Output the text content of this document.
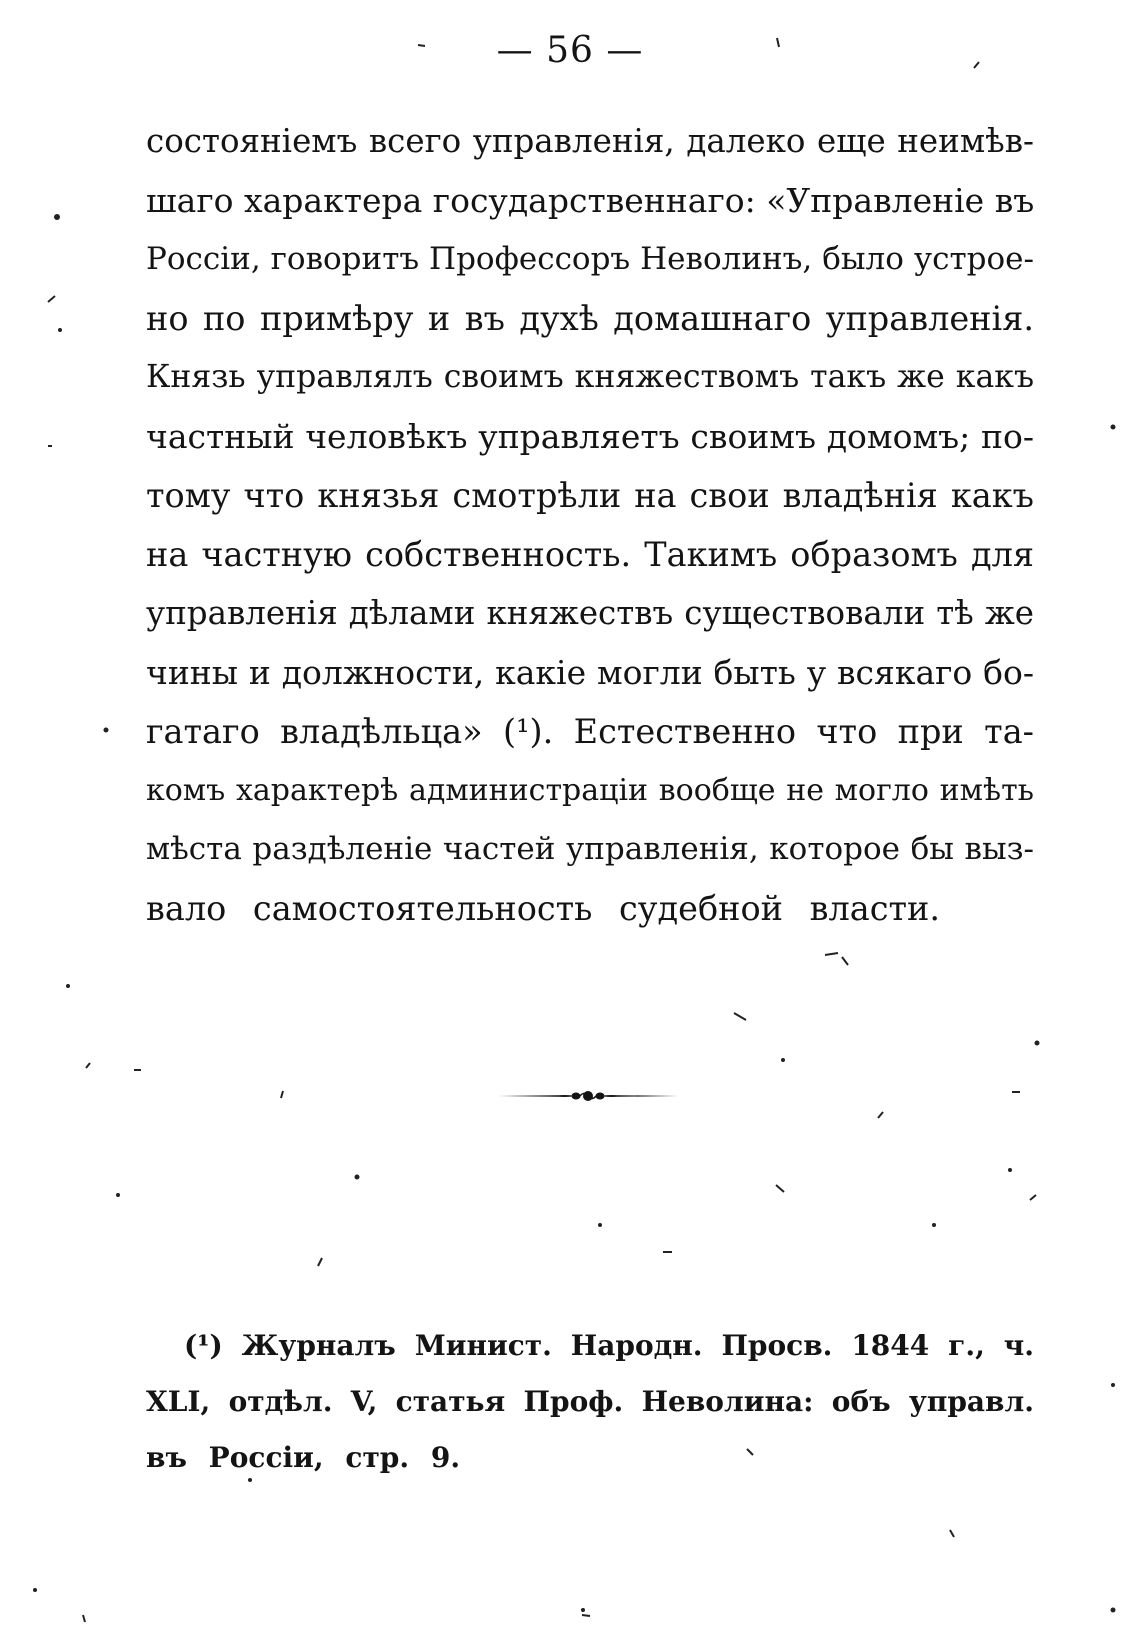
— 56 —
состояніемъ всего управленія, далеко еще неимѣв-
шаго характера государственнаго: «Управленіе въ
Россіи, говоритъ Профессоръ Неволинъ, было устрое-
но по примѣру и въ духѣ домашнаго управленія.
Князь управлялъ своимъ княжествомъ такъ же какъ
частный человѣкъ управляетъ своимъ домомъ; по-
тому что князья смотрѣли на свои владѣнія какъ
на частную собственность. Такимъ образомъ для
управленія дѣлами княжествъ существовали тѣ же
чины и должности, какіе могли быть у всякаго бо-
гатаго владѣльца» (¹). Естественно что при та-
комъ характерѣ администраціи вообще не могло имѣть
мѣста раздѣленіе частей управленія, которое бы выз-
вало самостоятельность судебной власти.
(¹) Журналъ Минист. Народн. Просв. 1844 г., ч.
XLI, отдѣл. V, статья Проф. Неволина: объ управл.
въ Россіи, стр. 9.
